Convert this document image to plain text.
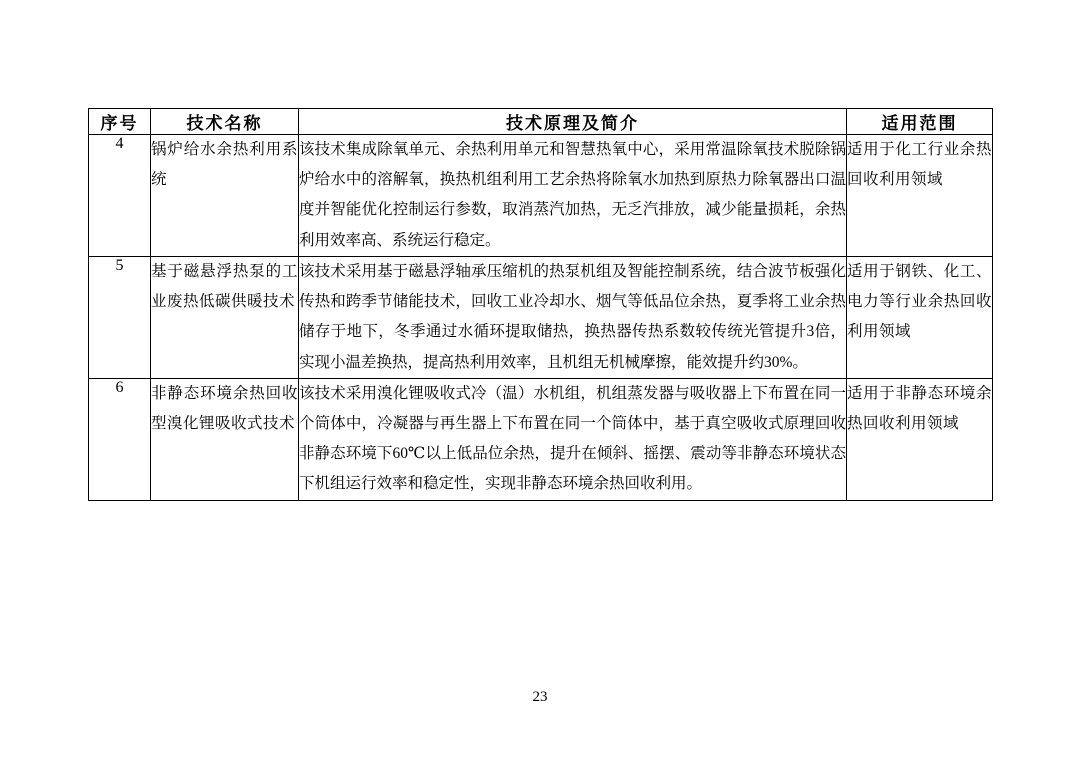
序号	技术名称	技术原理及简介	适用范围
4	锅炉给水余热利用系统	该技术集成除氧单元、余热利用单元和智慧热氧中心，采用常温除氧技术脱除锅炉给水中的溶解氧，换热机组利用工艺余热将除氧水加热到原热力除氧器出口温度并智能优化控制运行参数，取消蒸汽加热，无乏汽排放，减少能量损耗，余热利用效率高、系统运行稳定。	适用于化工行业余热回收利用领域
5	基于磁悬浮热泵的工业废热低碳供暖技术	该技术采用基于磁悬浮轴承压缩机的热泵机组及智能控制系统，结合波节板强化传热和跨季节储能技术，回收工业冷却水、烟气等低品位余热，夏季将工业余热储存于地下，冬季通过水循环提取储热，换热器传热系数较传统光管提升3倍，实现小温差换热，提高热利用效率，且机组无机械摩擦，能效提升约30%。	适用于钢铁、化工、电力等行业余热回收利用领域
6	非静态环境余热回收型溴化锂吸收式技术	该技术采用溴化锂吸收式冷（温）水机组，机组蒸发器与吸收器上下布置在同一个筒体中，冷凝器与再生器上下布置在同一个筒体中，基于真空吸收式原理回收非静态环境下60℃以上低品位余热，提升在倾斜、摇摆、震动等非静态环境状态下机组运行效率和稳定性，实现非静态环境余热回收利用。	适用于非静态环境余热回收利用领域
23
